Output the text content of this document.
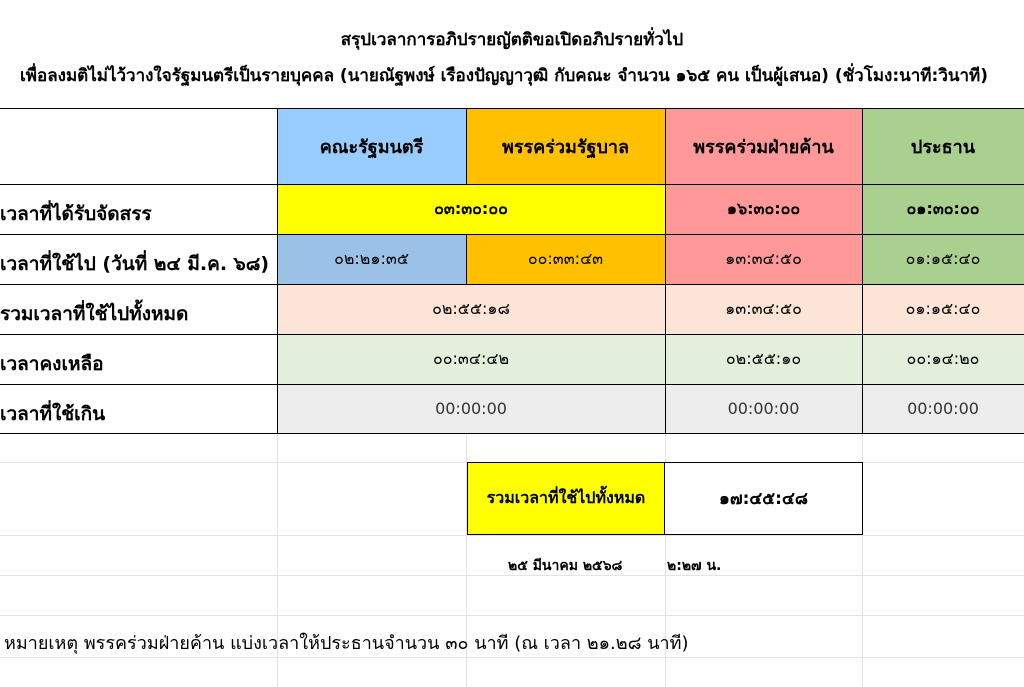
สรุปเวลาการอภิปรายญัตติขอเปิดอภิปรายทั่วไป
เพื่อลงมติไม่ไว้วางใจรัฐมนตรีเป็นรายบุคคล (นายณัฐพงษ์ เรืองปัญญาวุฒิ กับคณะ จำนวน ๑๖๕ คน เป็นผู้เสนอ) (ชั่วโมง:นาที:วินาที)
คณะรัฐมนตรี	พรรคร่วมรัฐบาล	พรรคร่วมฝ่ายค้าน	ประธาน
เวลาที่ได้รับจัดสรร	๐๓:๓๐:๐๐	๑๖:๓๐:๐๐	๐๑:๓๐:๐๐
เวลาที่ใช้ไป (วันที่ ๒๔ มี.ค. ๖๘)	๐๒:๒๑:๓๕	๐๐:๓๓:๔๓	๑๓:๓๔:๕๐	๐๑:๑๕:๔๐
รวมเวลาที่ใช้ไปทั้งหมด	๐๒:๕๕:๑๘	๑๓:๓๔:๕๐	๐๑:๑๕:๔๐
เวลาคงเหลือ	๐๐:๓๔:๔๒	๐๒:๕๕:๑๐	๐๐:๑๔:๒๐
เวลาที่ใช้เกิน	00:00:00	00:00:00	00:00:00
รวมเวลาที่ใช้ไปทั้งหมด	๑๗:๔๕:๔๘
๒๕ มีนาคม ๒๕๖๘	๒:๒๗ น.
หมายเหตุ พรรคร่วมฝ่ายค้าน แบ่งเวลาให้ประธานจำนวน ๓๐ นาที (ณ เวลา ๒๑.๒๘ นาที)
